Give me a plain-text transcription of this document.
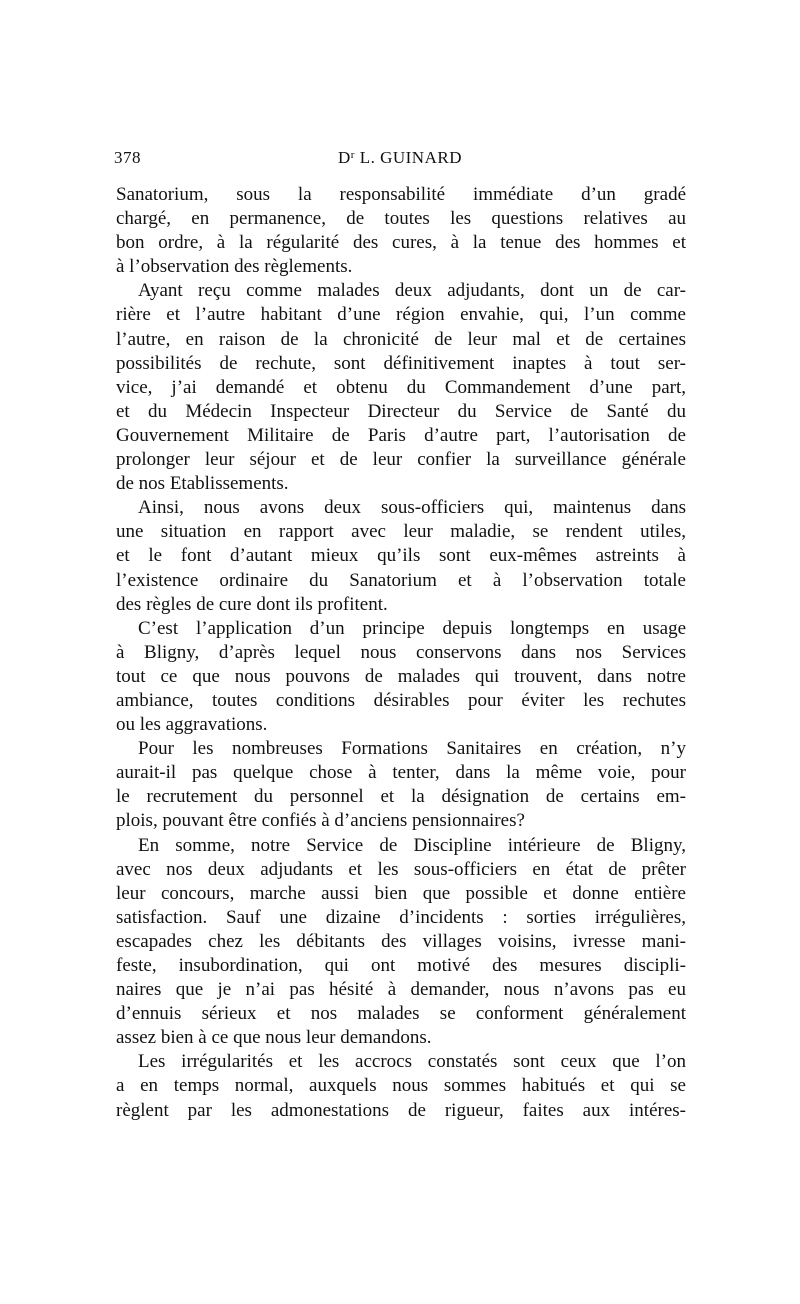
378	$D^r$ L. GUINARD
Sanatorium, sous la responsabilité immédiate d’un gradé
chargé, en permanence, de toutes les questions relatives au
bon ordre, à la régularité des cures, à la tenue des hommes et
à l’observation des règlements.
Ayant reçu comme malades deux adjudants, dont un de car-
rière et l’autre habitant d’une région envahie, qui, l’un comme
l’autre, en raison de la chronicité de leur mal et de certaines
possibilités de rechute, sont définitivement inaptes à tout ser-
vice, j’ai demandé et obtenu du Commandement d’une part,
et du Médecin Inspecteur Directeur du Service de Santé du
Gouvernement Militaire de Paris d’autre part, l’autorisation de
prolonger leur séjour et de leur confier la surveillance générale
de nos Etablissements.
Ainsi, nous avons deux sous-officiers qui, maintenus dans
une situation en rapport avec leur maladie, se rendent utiles,
et le font d’autant mieux qu’ils sont eux-mêmes astreints à
l’existence ordinaire du Sanatorium et à l’observation totale
des règles de cure dont ils profitent.
C’est l’application d’un principe depuis longtemps en usage
à Bligny, d’après lequel nous conservons dans nos Services
tout ce que nous pouvons de malades qui trouvent, dans notre
ambiance, toutes conditions désirables pour éviter les rechutes
ou les aggravations.
Pour les nombreuses Formations Sanitaires en création, n’y
aurait-il pas quelque chose à tenter, dans la même voie, pour
le recrutement du personnel et la désignation de certains em-
plois, pouvant être confiés à d’anciens pensionnaires?
En somme, notre Service de Discipline intérieure de Bligny,
avec nos deux adjudants et les sous-officiers en état de prêter
leur concours, marche aussi bien que possible et donne entière
satisfaction. Sauf une dizaine d’incidents : sorties irrégulières,
escapades chez les débitants des villages voisins, ivresse mani-
feste, insubordination, qui ont motivé des mesures discipli-
naires que je n’ai pas hésité à demander, nous n’avons pas eu
d’ennuis sérieux et nos malades se conforment généralement
assez bien à ce que nous leur demandons.
Les irrégularités et les accrocs constatés sont ceux que l’on
a en temps normal, auxquels nous sommes habitués et qui se
règlent par les admonestations de rigueur, faites aux intéres-
